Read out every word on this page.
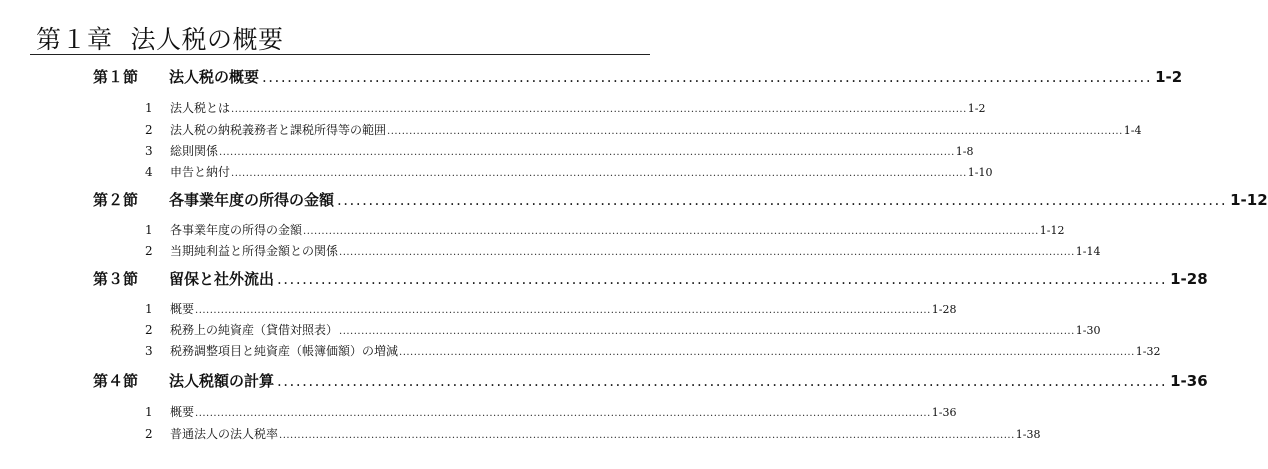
第１章 法人税の概要
第１節	法人税の概要 .............................................................................................................................................. 1-2
1	法人税とは ........................................................................................................................................................................................................ 1-2
2	法人税の納税義務者と課税所得等の範囲 ........................................................................................................................................................................................................ 1-4
3	総則関係 ........................................................................................................................................................................................................ 1-8
4	申告と納付 ........................................................................................................................................................................................................ 1-10
第２節	各事業年度の所得の金額 .............................................................................................................................................. 1-12
1	各事業年度の所得の金額 ........................................................................................................................................................................................................ 1-12
2	当期純利益と所得金額との関係 ........................................................................................................................................................................................................ 1-14
第３節	留保と社外流出 .............................................................................................................................................. 1-28
1	概要 ........................................................................................................................................................................................................ 1-28
2	税務上の純資産（貸借対照表） ........................................................................................................................................................................................................ 1-30
3	税務調整項目と純資産（帳簿価額）の増減 ........................................................................................................................................................................................................ 1-32
第４節	法人税額の計算 .............................................................................................................................................. 1-36
1	概要 ........................................................................................................................................................................................................ 1-36
2	普通法人の法人税率 ........................................................................................................................................................................................................ 1-38
